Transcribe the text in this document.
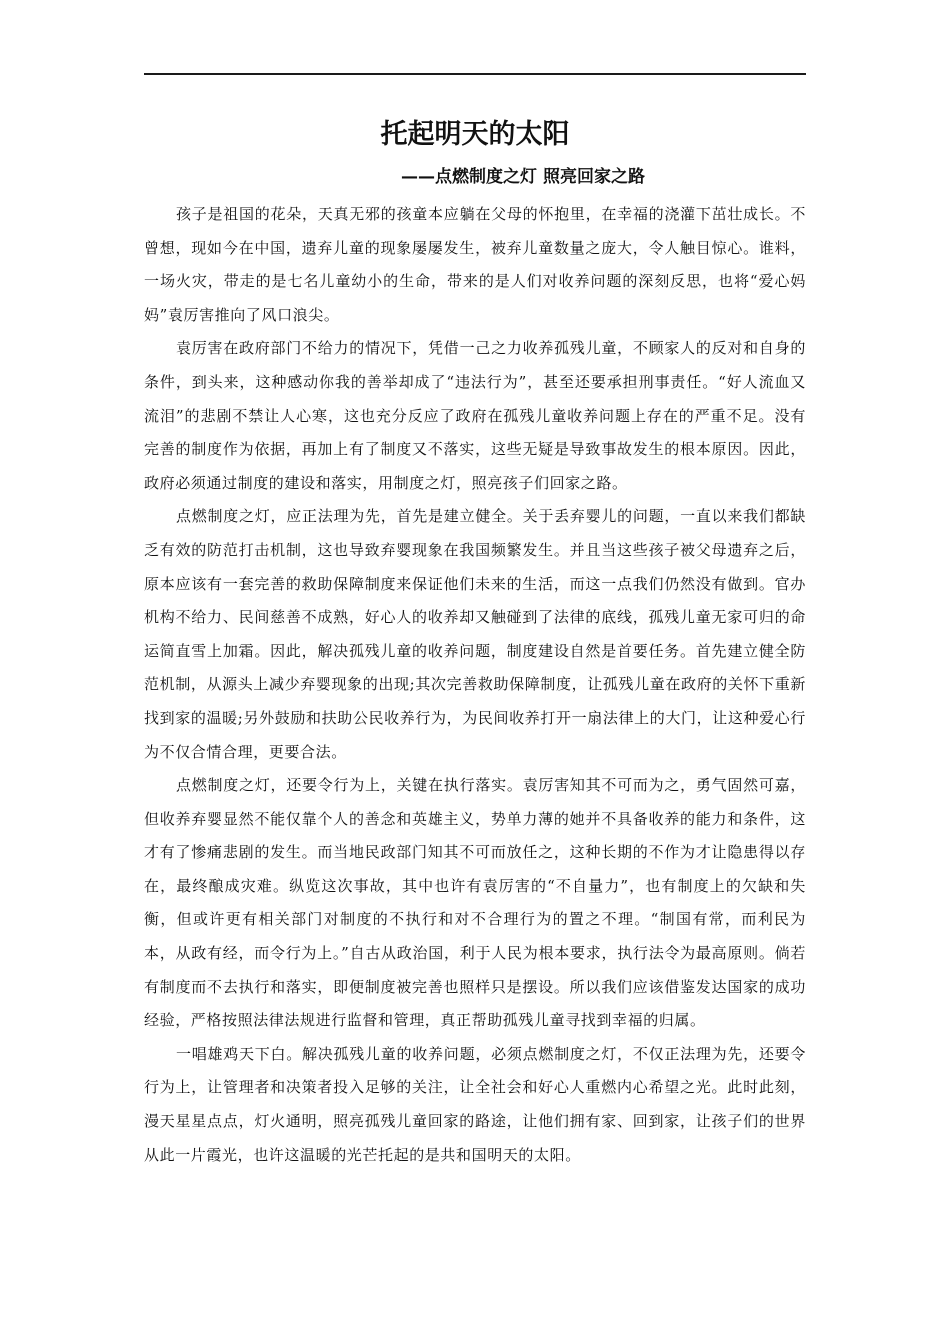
托起明天的太阳
——点燃制度之灯 照亮回家之路

孩子是祖国的花朵，天真无邪的孩童本应躺在父母的怀抱里，在幸福的浇灌下茁壮成长。不曾想，现如今在中国，遗弃儿童的现象屡屡发生，被弃儿童数量之庞大，令人触目惊心。谁料，一场火灾，带走的是七名儿童幼小的生命，带来的是人们对收养问题的深刻反思，也将“爱心妈妈”袁厉害推向了风口浪尖。

袁厉害在政府部门不给力的情况下，凭借一己之力收养孤残儿童，不顾家人的反对和自身的条件，到头来，这种感动你我的善举却成了“违法行为”，甚至还要承担刑事责任。“好人流血又流泪”的悲剧不禁让人心寒，这也充分反应了政府在孤残儿童收养问题上存在的严重不足。没有完善的制度作为依据，再加上有了制度又不落实，这些无疑是导致事故发生的根本原因。因此，政府必须通过制度的建设和落实，用制度之灯，照亮孩子们回家之路。

点燃制度之灯，应正法理为先，首先是建立健全。关于丢弃婴儿的问题，一直以来我们都缺乏有效的防范打击机制，这也导致弃婴现象在我国频繁发生。并且当这些孩子被父母遗弃之后，原本应该有一套完善的救助保障制度来保证他们未来的生活，而这一点我们仍然没有做到。官办机构不给力、民间慈善不成熟，好心人的收养却又触碰到了法律的底线，孤残儿童无家可归的命运简直雪上加霜。因此，解决孤残儿童的收养问题，制度建设自然是首要任务。首先建立健全防范机制，从源头上减少弃婴现象的出现;其次完善救助保障制度，让孤残儿童在政府的关怀下重新找到家的温暖;另外鼓励和扶助公民收养行为，为民间收养打开一扇法律上的大门，让这种爱心行为不仅合情合理，更要合法。

点燃制度之灯，还要令行为上，关键在执行落实。袁厉害知其不可而为之，勇气固然可嘉，但收养弃婴显然不能仅靠个人的善念和英雄主义，势单力薄的她并不具备收养的能力和条件，这才有了惨痛悲剧的发生。而当地民政部门知其不可而放任之，这种长期的不作为才让隐患得以存在，最终酿成灾难。纵览这次事故，其中也许有袁厉害的“不自量力”，也有制度上的欠缺和失衡，但或许更有相关部门对制度的不执行和对不合理行为的置之不理。“制国有常，而利民为本，从政有经，而令行为上。”自古从政治国，利于人民为根本要求，执行法令为最高原则。倘若有制度而不去执行和落实，即便制度被完善也照样只是摆设。所以我们应该借鉴发达国家的成功经验，严格按照法律法规进行监督和管理，真正帮助孤残儿童寻找到幸福的归属。

一唱雄鸡天下白。解决孤残儿童的收养问题，必须点燃制度之灯，不仅正法理为先，还要令行为上，让管理者和决策者投入足够的关注，让全社会和好心人重燃内心希望之光。此时此刻，漫天星星点点，灯火通明，照亮孤残儿童回家的路途，让他们拥有家、回到家，让孩子们的世界从此一片霞光，也许这温暖的光芒托起的是共和国明天的太阳。
